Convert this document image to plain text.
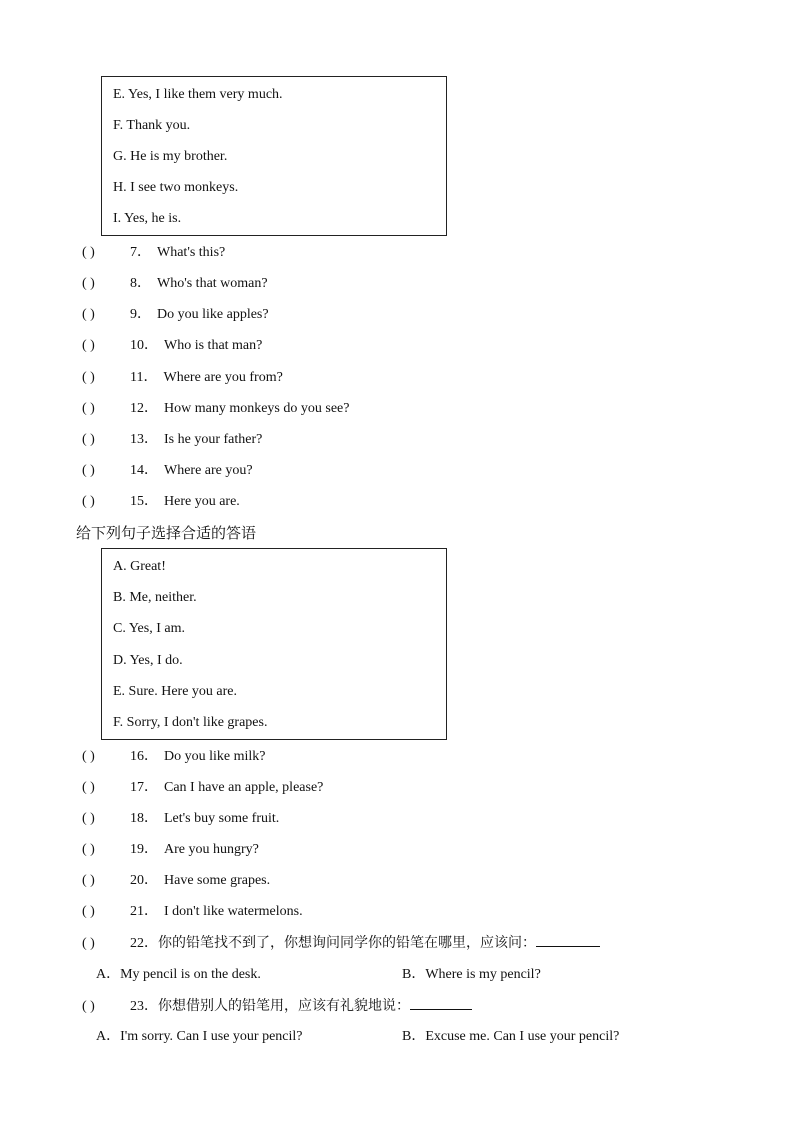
E. Yes, I like them very much.
F. Thank you.
G. He is my brother.
H. I see two monkeys.
I. Yes, he is.
( )	7． What's this?
( )	8． Who's that woman?
( )	9． Do you like apples?
( )	10． Who is that man?
( )	11． Where are you from?
( )	12． How many monkeys do you see?
( )	13． Is he your father?
( )	14． Where are you?
( )	15． Here you are.
给下列句子选择合适的答语
A. Great!
B. Me, neither.
C. Yes, I am.
D. Yes, I do.
E. Sure. Here you are.
F. Sorry, I don't like grapes.
( )	16． Do you like milk?
( )	17． Can I have an apple, please?
( )	18． Let's buy some fruit.
( )	19． Are you hungry?
( )	20． Have some grapes.
( )	21． I don't like watermelons.
( )	22．你的铅笔找不到了，你想询问同学你的铅笔在哪里，应该问：
A．My pencil is on the desk.	B．Where is my pencil?
( )	23．你想借别人的铅笔用，应该有礼貌地说：
A．I'm sorry. Can I use your pencil?	B．Excuse me. Can I use your pencil?
